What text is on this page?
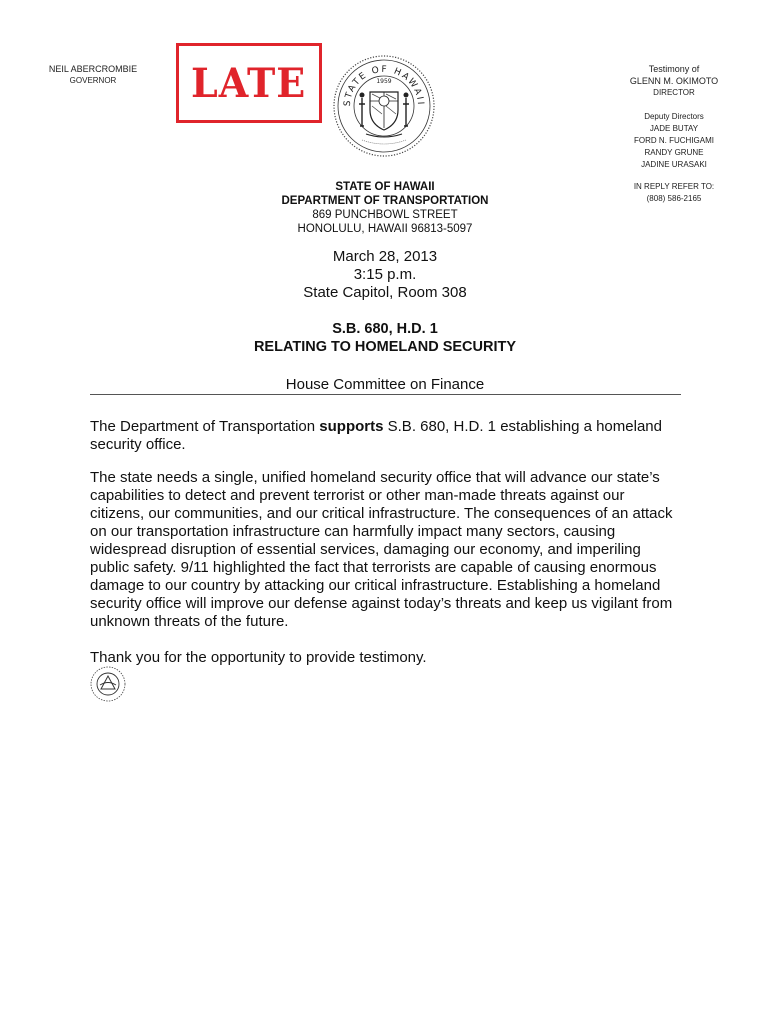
NEIL ABERCROMBIE
GOVERNOR	LATE	STATE OF HAWAII
1959
Testimony of
GLENN M. OKIMOTO
DIRECTOR
Deputy Directors
JADE BUTAY
FORD N. FUCHIGAMI
RANDY GRUNE
JADINE URASAKI
IN REPLY REFER TO:
(808) 586-2165
STATE OF HAWAII
DEPARTMENT OF TRANSPORTATION
869 PUNCHBOWL STREET
HONOLULU, HAWAII 96813-5097
March 28, 2013
3:15 p.m.
State Capitol, Room 308
S.B. 680, H.D. 1
RELATING TO HOMELAND SECURITY
House Committee on Finance
The Department of Transportation supports S.B. 680, H.D. 1 establishing a homeland security office.
The state needs a single, unified homeland security office that will advance our state’s capabilities to detect and prevent terrorist or other man-made threats against our citizens, our communities, and our critical infrastructure. The consequences of an attack on our transportation infrastructure can harmfully impact many sectors, causing widespread disruption of essential services, damaging our economy, and imperiling public safety. 9/11 highlighted the fact that terrorists are capable of causing enormous damage to our country by attacking our critical infrastructure. Establishing a homeland security office will improve our defense against today’s threats and keep us vigilant from unknown threats of the future.
Thank you for the opportunity to provide testimony.
